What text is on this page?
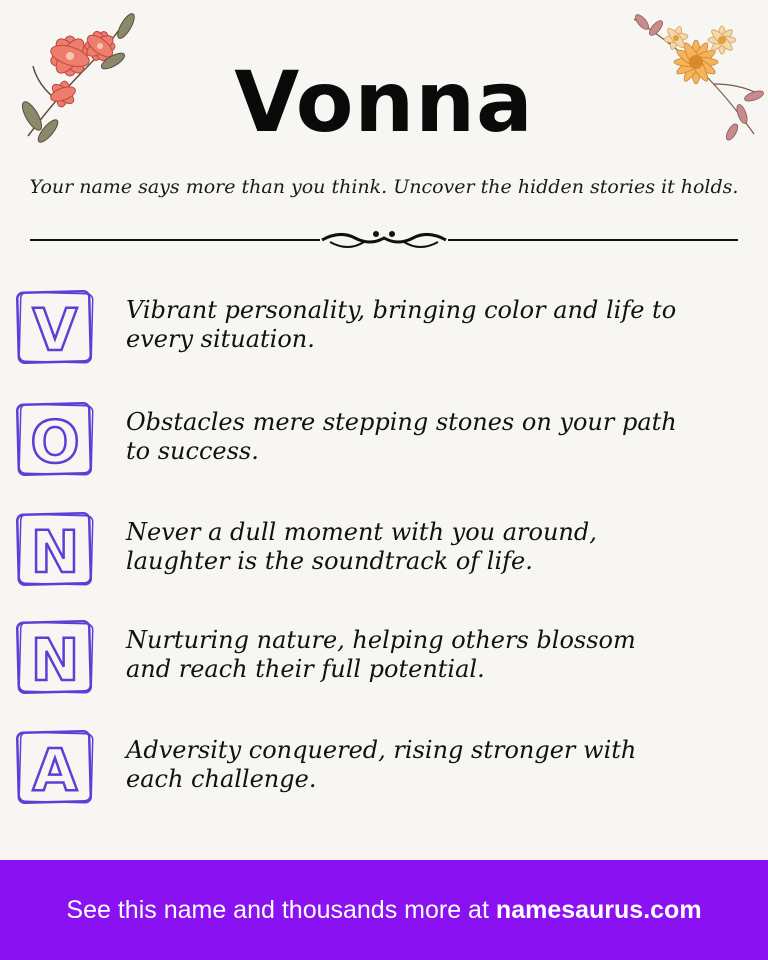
Vonna
Your name says more than you think. Uncover the hidden stories it holds.
V Vibrant personality, bringing color and life to every situation.
O Obstacles mere stepping stones on your path to success.
N Never a dull moment with you around, laughter is the soundtrack of life.
N Nurturing nature, helping others blossom and reach their full potential.
A Adversity conquered, rising stronger with each challenge.
See this name and thousands more at namesaurus.com
